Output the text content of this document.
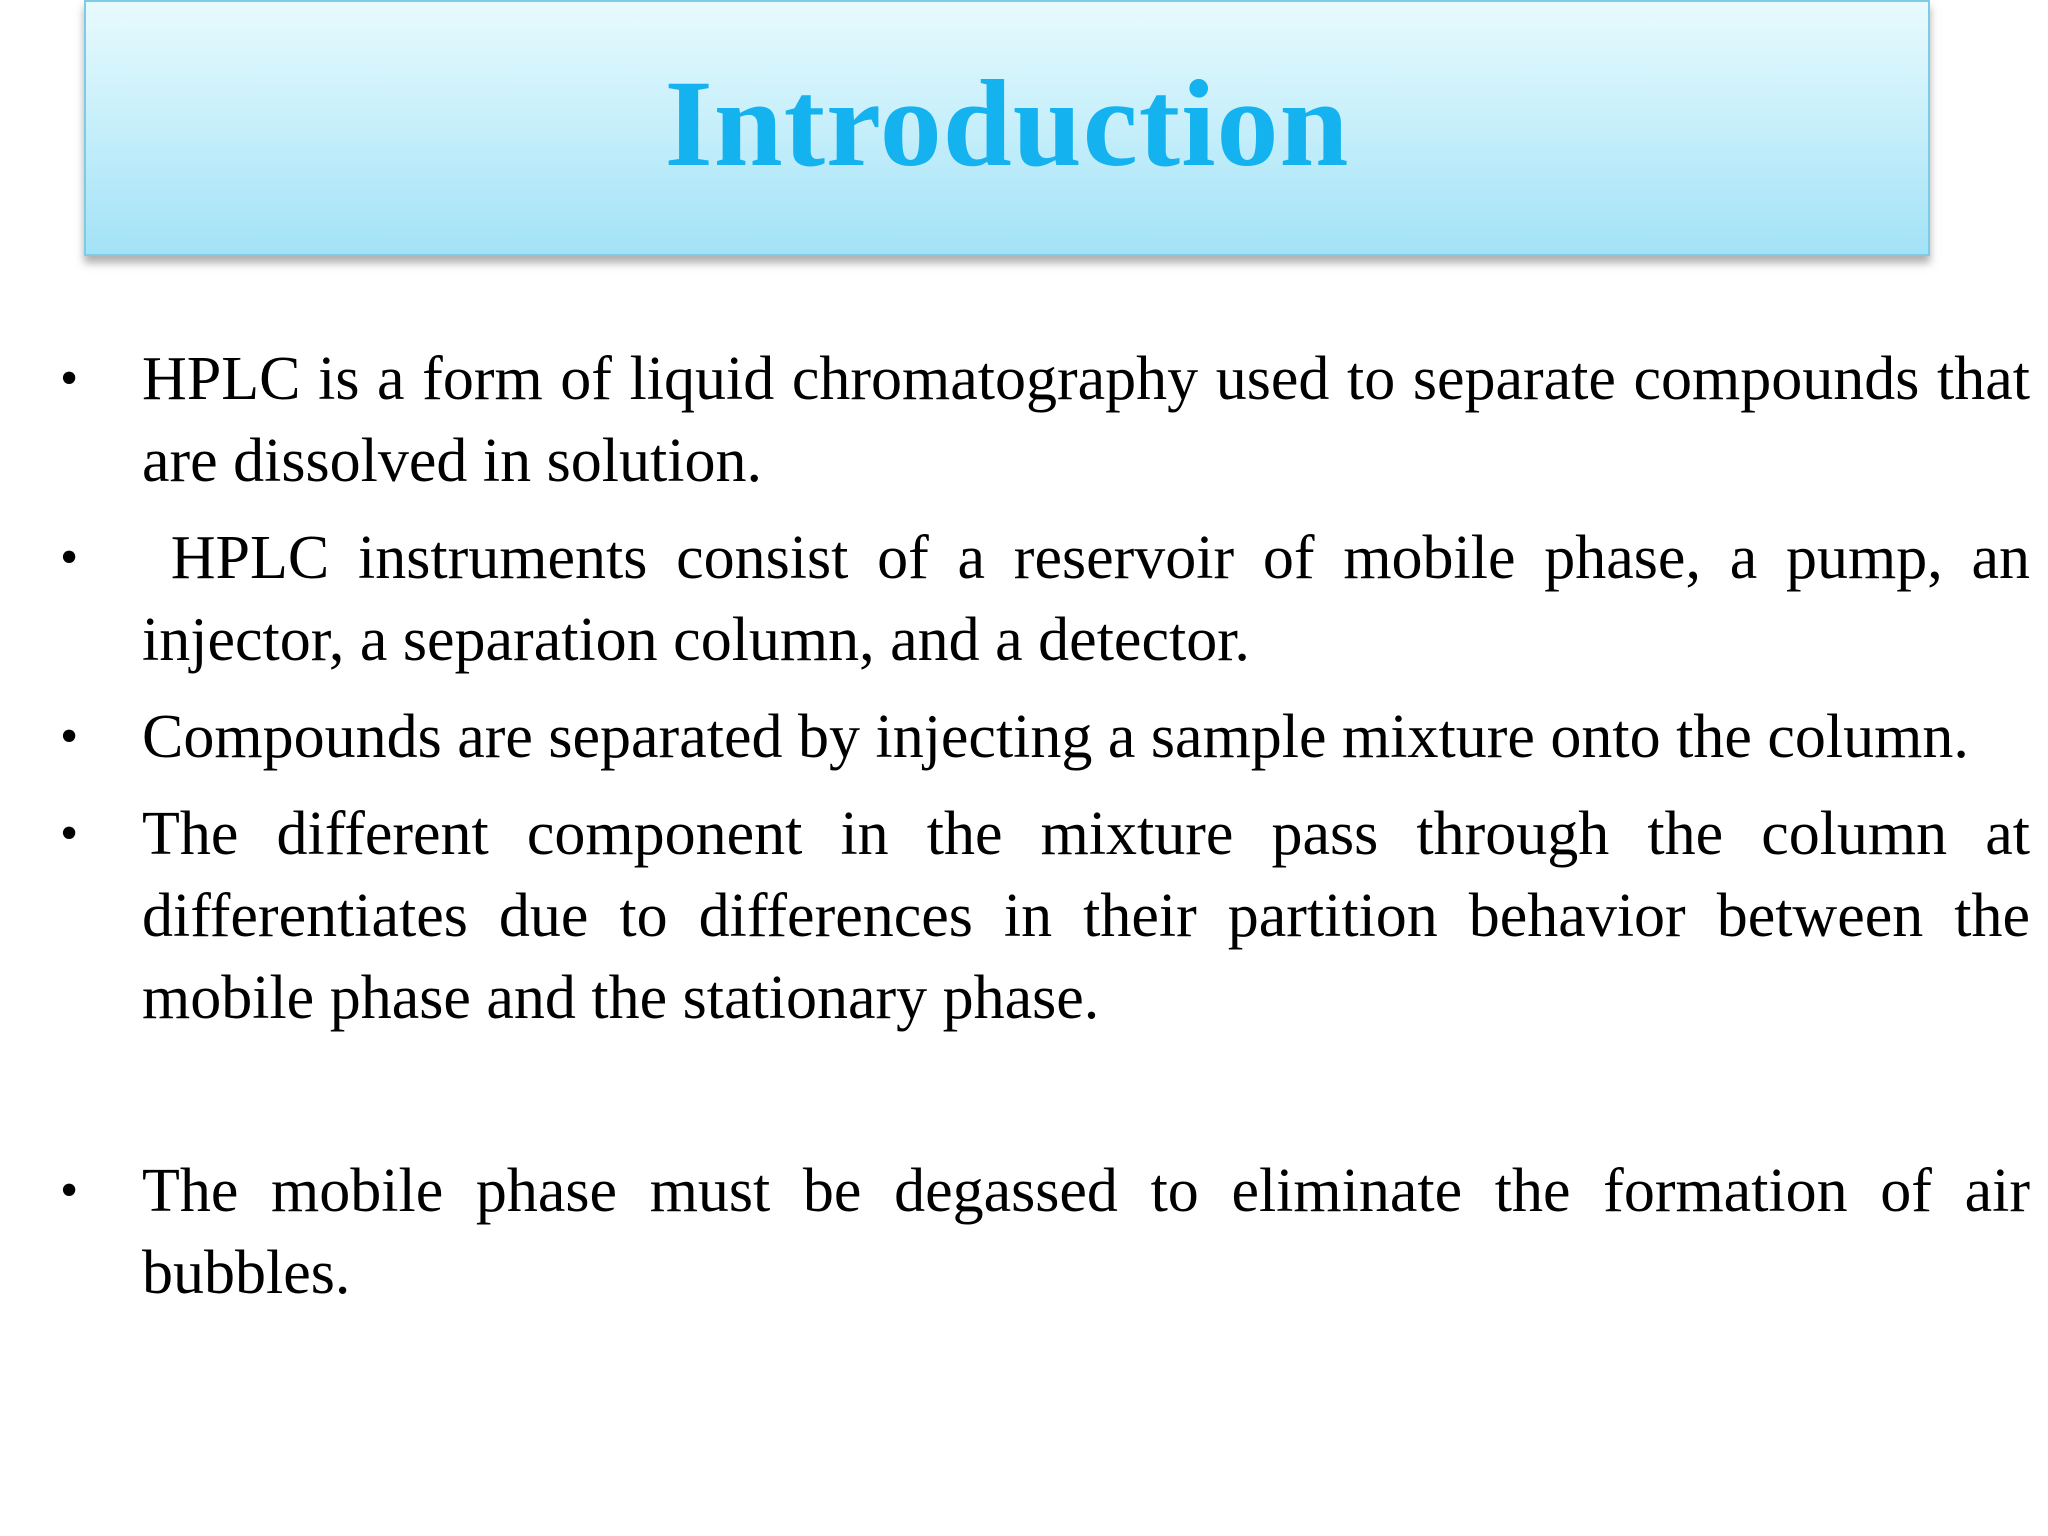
Introduction
• HPLC is a form of liquid chromatography used to separate compounds that are dissolved in solution.
• HPLC instruments consist of a reservoir of mobile phase, a pump, an injector, a separation column, and a detector.
• Compounds are separated by injecting a sample mixture onto the column.
• The different component in the mixture pass through the column at differentiates due to differences in their partition behavior between the mobile phase and the stationary phase.
• The mobile phase must be degassed to eliminate the formation of air bubbles.
